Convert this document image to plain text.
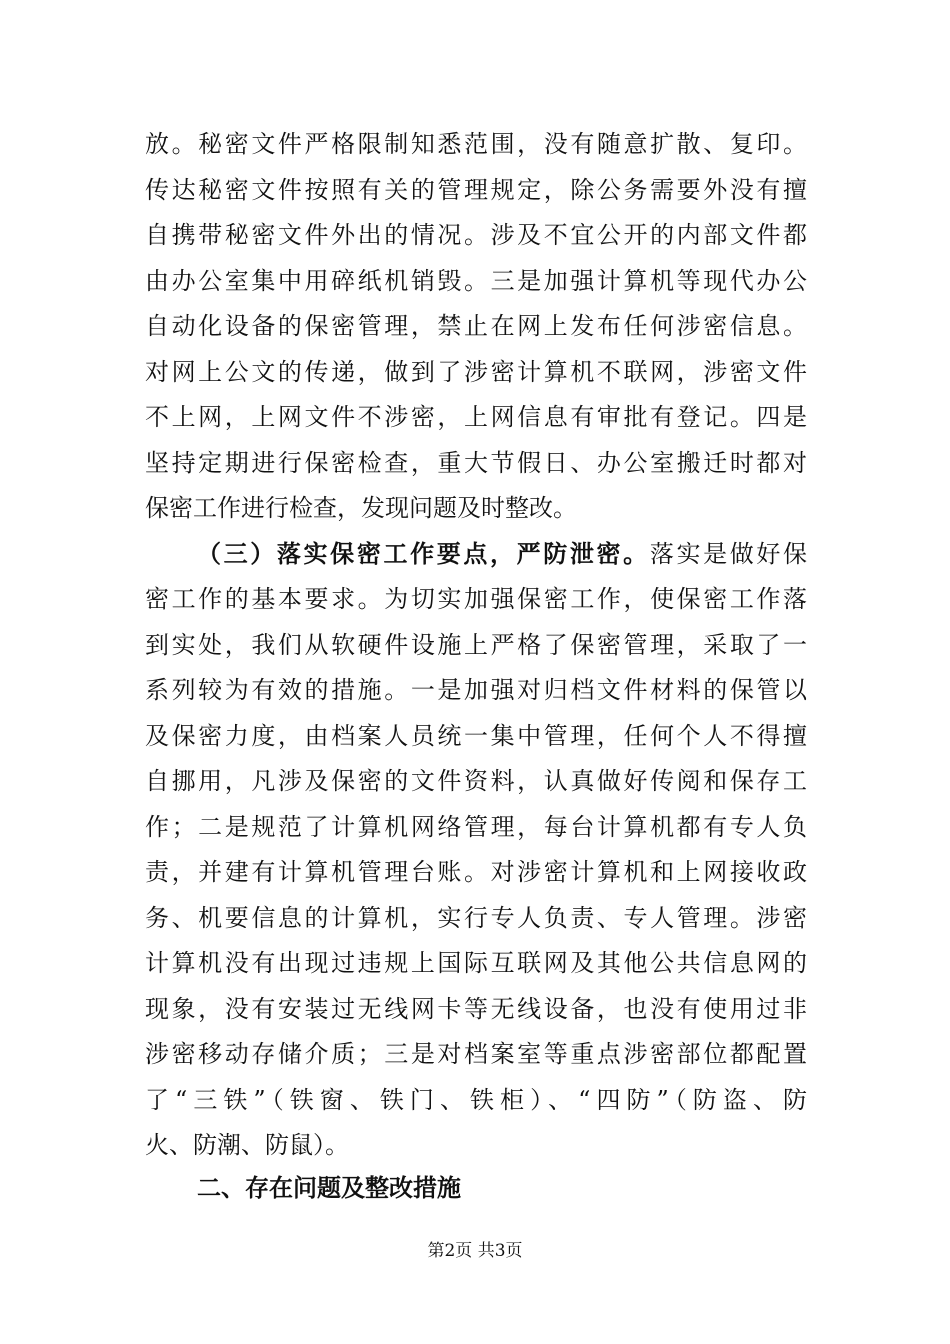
放。秘密文件严格限制知悉范围，没有随意扩散、复印。
传达秘密文件按照有关的管理规定，除公务需要外没有擅
自携带秘密文件外出的情况。涉及不宜公开的内部文件都
由办公室集中用碎纸机销毁。三是加强计算机等现代办公
自动化设备的保密管理，禁止在网上发布任何涉密信息。
对网上公文的传递，做到了涉密计算机不联网，涉密文件
不上网，上网文件不涉密，上网信息有审批有登记。四是
坚持定期进行保密检查，重大节假日、办公室搬迁时都对
保密工作进行检查，发现问题及时整改。
（三）落实保密工作要点，严防泄密。落实是做好保
密工作的基本要求。为切实加强保密工作，使保密工作落
到实处，我们从软硬件设施上严格了保密管理，采取了一
系列较为有效的措施。一是加强对归档文件材料的保管以
及保密力度，由档案人员统一集中管理，任何个人不得擅
自挪用，凡涉及保密的文件资料，认真做好传阅和保存工
作；二是规范了计算机网络管理，每台计算机都有专人负
责，并建有计算机管理台账。对涉密计算机和上网接收政
务、机要信息的计算机，实行专人负责、专人管理。涉密
计算机没有出现过违规上国际互联网及其他公共信息网的
现象，没有安装过无线网卡等无线设备，也没有使用过非
涉密移动存储介质；三是对档案室等重点涉密部位都配置
了“三铁”（铁窗、铁门、铁柜）、“四防”（防盗、防
火、防潮、防鼠）。
二、存在问题及整改措施
第2页 共3页
